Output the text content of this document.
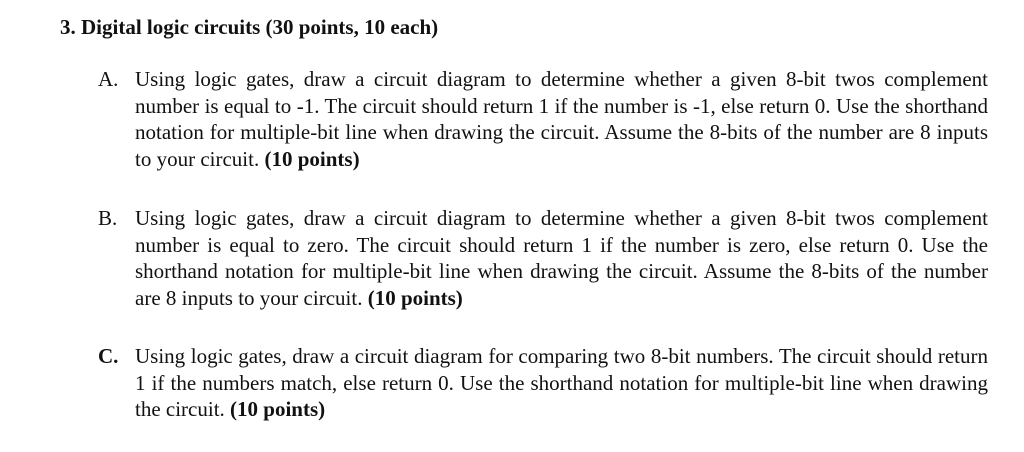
3. Digital logic circuits (30 points, 10 each)
A. Using logic gates, draw a circuit diagram to determine whether a given 8-bit twos complement number is equal to -1. The circuit should return 1 if the number is -1, else return 0. Use the shorthand notation for multiple-bit line when drawing the circuit. Assume the 8-bits of the number are 8 inputs to your circuit. (10 points)
B. Using logic gates, draw a circuit diagram to determine whether a given 8-bit twos complement number is equal to zero. The circuit should return 1 if the number is zero, else return 0. Use the shorthand notation for multiple-bit line when drawing the circuit. Assume the 8-bits of the number are 8 inputs to your circuit. (10 points)
C. Using logic gates, draw a circuit diagram for comparing two 8-bit numbers. The circuit should return 1 if the numbers match, else return 0. Use the shorthand notation for multiple-bit line when drawing the circuit. (10 points)
